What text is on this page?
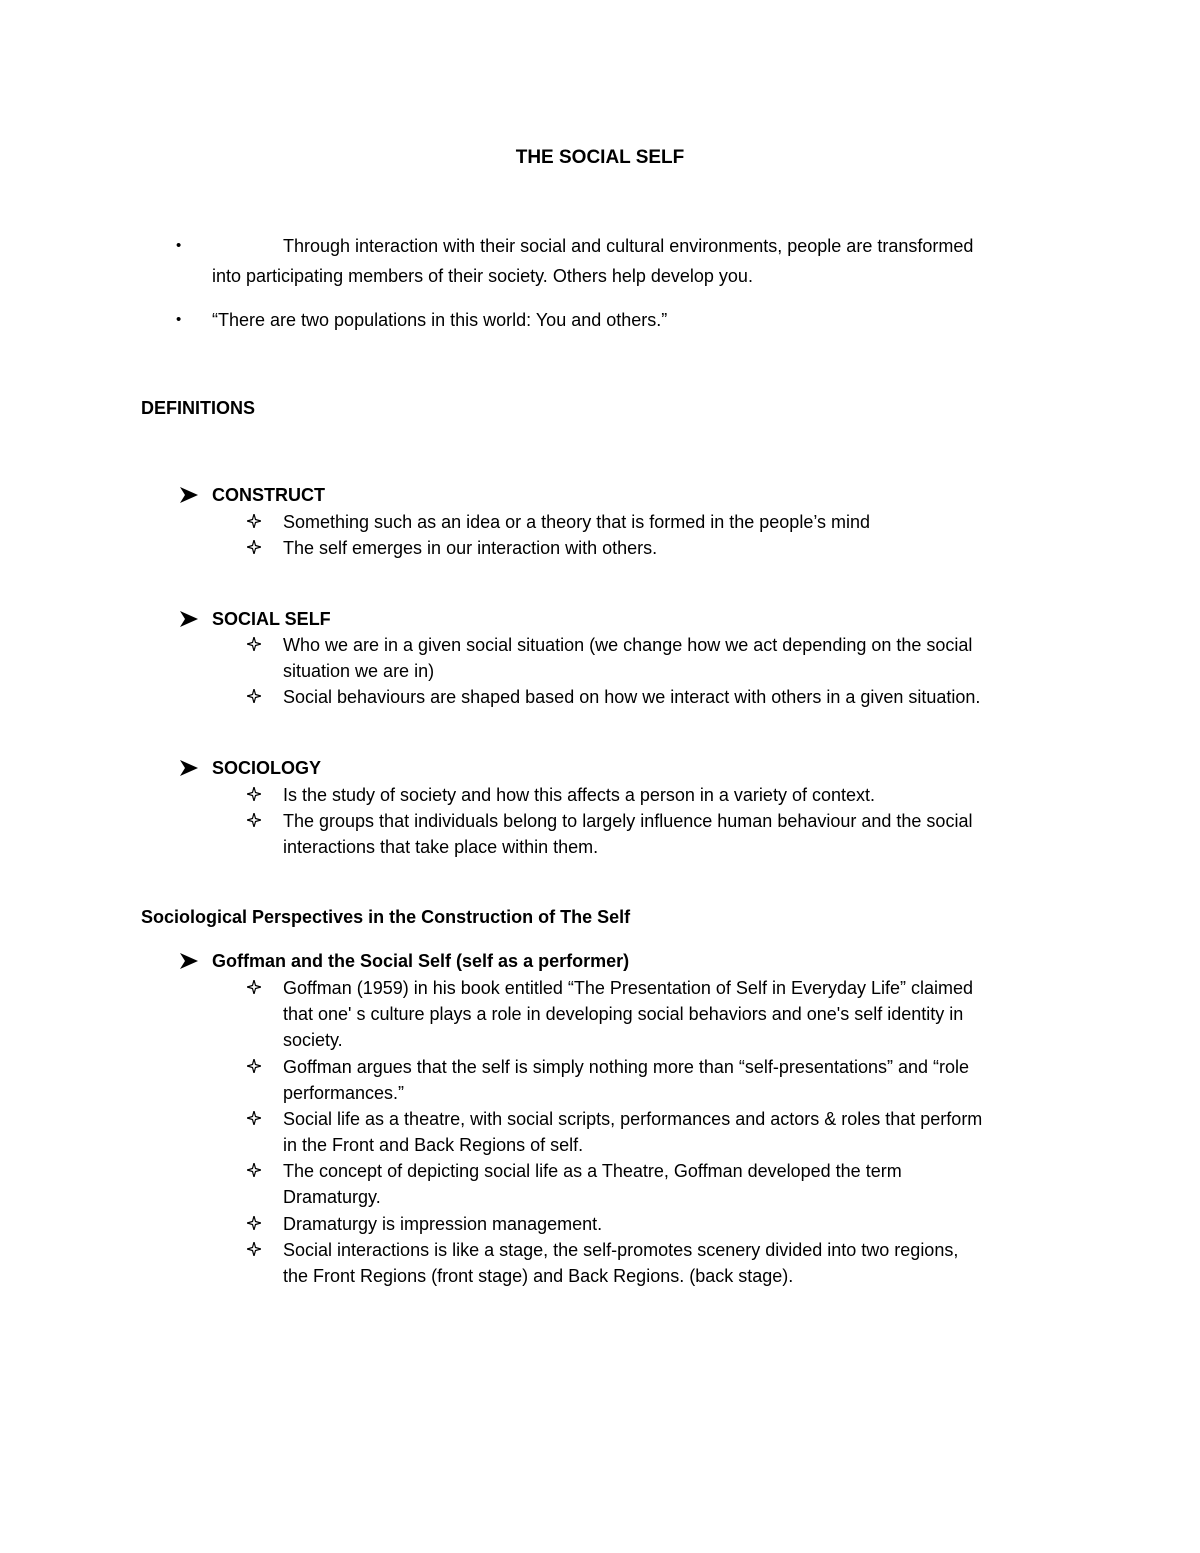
THE SOCIAL SELF
•	Through interaction with their social and cultural environments, people are transformed
into participating members of their society. Others help develop you.
• “There are two populations in this world: You and others.”
DEFINITIONS
CONSTRUCT
Something such as an idea or a theory that is formed in the people’s mind
The self emerges in our interaction with others.
SOCIAL SELF
Who we are in a given social situation (we change how we act depending on the social
situation we are in)
Social behaviours are shaped based on how we interact with others in a given situation.
SOCIOLOGY
Is the study of society and how this affects a person in a variety of context.
The groups that individuals belong to largely influence human behaviour and the social
interactions that take place within them.
Sociological Perspectives in the Construction of The Self
Goffman and the Social Self (self as a performer)
Goffman (1959) in his book entitled “The Presentation of Self in Everyday Life” claimed
that one' s culture plays a role in developing social behaviors and one's self identity in
society.
Goffman argues that the self is simply nothing more than “self-presentations” and “role
performances.”
Social life as a theatre, with social scripts, performances and actors & roles that perform
in the Front and Back Regions of self.
The concept of depicting social life as a Theatre, Goffman developed the term
Dramaturgy.
Dramaturgy is impression management.
Social interactions is like a stage, the self-promotes scenery divided into two regions,
the Front Regions (front stage) and Back Regions. (back stage).
